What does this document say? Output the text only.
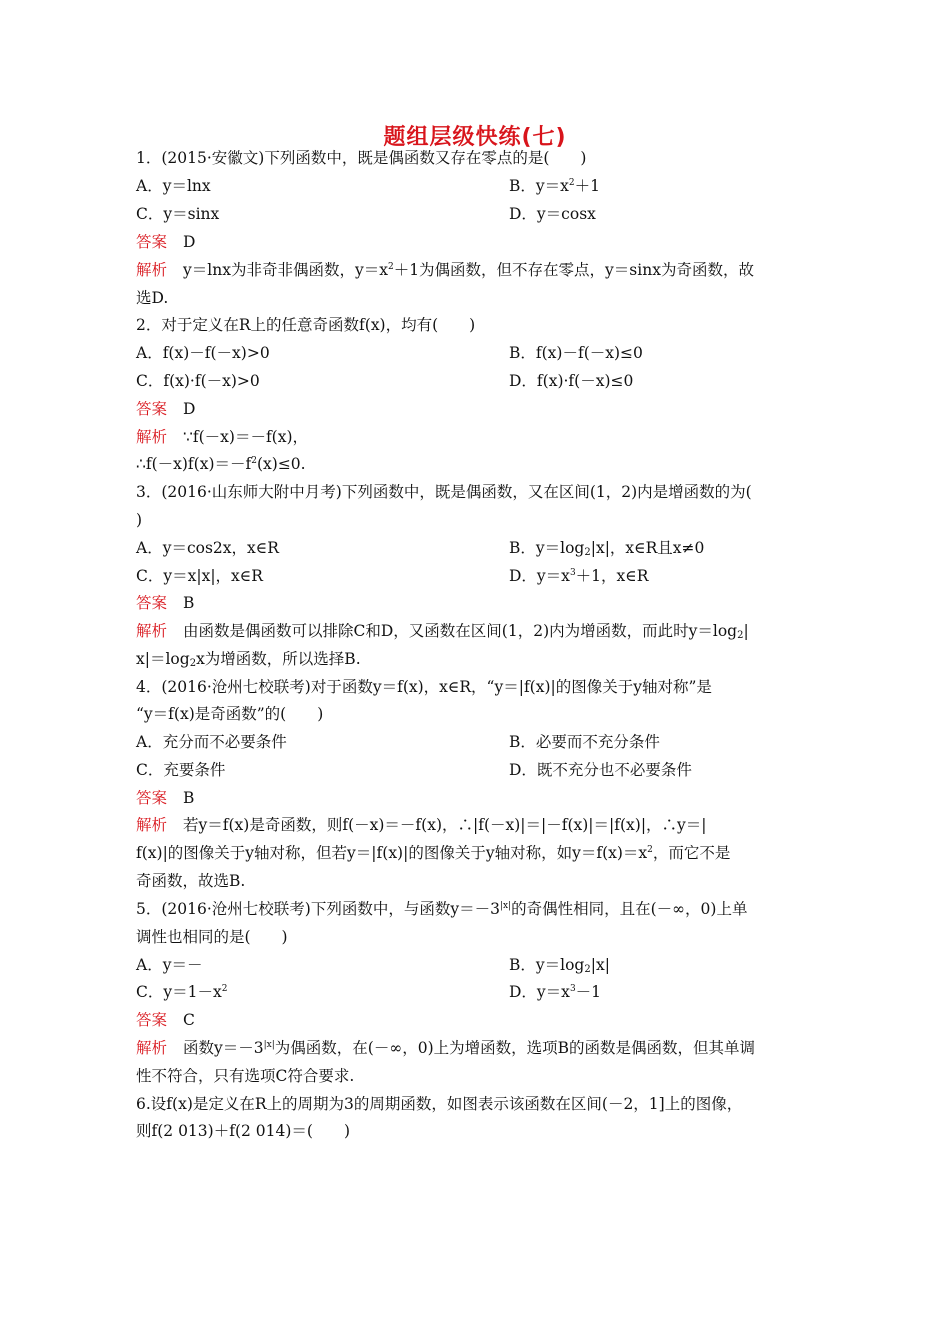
题组层级快练(七)
1．(2015·安徽文)下列函数中，既是偶函数又存在零点的是(　　)
A．y＝lnx	B．$y=x^2+1$
C．y＝sinx	D．y＝cosx
答案 D
解析 y＝lnx为非奇非偶函数，$y=x^2+1$为偶函数，但不存在零点，y＝sinx为奇函数，故
选D.
2．对于定义在R上的任意奇函数f(x)，均有(　　)
A．f(x)－f(－x)>0	B．f(x)－f(－x)≤0
C．f(x)·f(－x)>0	D．f(x)·f(－x)≤0
答案 D
解析 ∵f(－x)＝－f(x)，
$\therefore f(-x)f(x)=-f^2(x)\le 0$.
3．(2016·山东师大附中月考)下列函数中，既是偶函数，又在区间(1，2)内是增函数的为(
)
A．y＝cos2x，x∈R	B．$y=\log_2|x|$，x∈R且x≠0
C．y＝x|x|，x∈R	D．$y=x^3+1$，x∈R
答案 B
解析 由函数是偶函数可以排除C和D，又函数在区间(1，2)内为增函数，而此时$y=\log_2|$
$x|=\log_2x$为增函数，所以选择B.
4．(2016·沧州七校联考)对于函数y＝f(x)，x∈R，“y＝|f(x)|的图像关于y轴对称”是
“y＝f(x)是奇函数”的(　　)
A．充分而不必要条件	B．必要而不充分条件
C．充要条件	D．既不充分也不必要条件
答案 B
解析 若y＝f(x)是奇函数，则f(－x)＝－f(x)，∴|f(－x)|＝|－f(x)|＝|f(x)|，∴y＝|
f(x)|的图像关于y轴对称，但若y＝|f(x)|的图像关于y轴对称，如$y=f(x)=x^2$，而它不是
奇函数，故选B.
5．(2016·沧州七校联考)下列函数中，与函数$y=-3^{|x|}$的奇偶性相同，且在(－∞，0)上单
调性也相同的是(　　)
A．y＝－	B．$y=\log_2|x|$
C．$y=1-x^2$	D．$y=x^3-1$
答案 C
解析 函数$y=-3^{|x|}$为偶函数，在(－∞，0)上为增函数，选项B的函数是偶函数，但其单调
性不符合，只有选项C符合要求.
6.设f(x)是定义在R上的周期为3的周期函数，如图表示该函数在区间(－2，1]上的图像，
则f(2 013)＋f(2 014)＝(　　)
